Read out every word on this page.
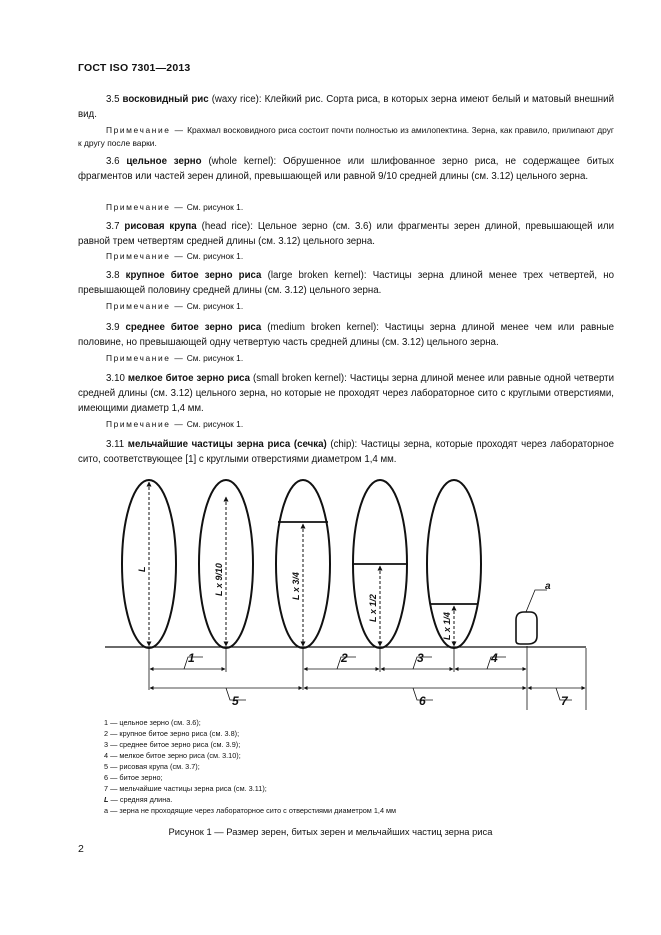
ГОСТ ISO 7301—2013
3.5 восковидный рис (waxy rice): Клейкий рис. Сорта риса, в которых зерна имеют белый и матовый внешний вид.
Примечание — Крахмал восковидного риса состоит почти полностью из амилопектина. Зерна, как правило, прилипают друг к другу после варки.
3.6 цельное зерно (whole kernel): Обрушенное или шлифованное зерно риса, не содержащее битых фрагментов или частей зерен длиной, превышающей или равной 9/10 средней длины (см. 3.12) цельного зерна.
Примечание — См. рисунок 1.
3.7 рисовая крупа (head rice): Цельное зерно (см. 3.6) или фрагменты зерен длиной, превышающей или равной трем четвертям средней длины (см. 3.12) цельного зерна.
Примечание — См. рисунок 1.
3.8 крупное битое зерно риса (large broken kernel): Частицы зерна длиной менее трех четвертей, но превышающей половину средней длины (см. 3.12) цельного зерна.
Примечание — См. рисунок 1.
3.9 среднее битое зерно риса (medium broken kernel): Частицы зерна длиной менее чем или равные половине, но превышающей одну четвертую часть средней длины (см. 3.12) цельного зерна.
Примечание — См. рисунок 1.
3.10 мелкое битое зерно риса (small broken kernel): Частицы зерна длиной менее или равные одной четверти средней длины (см. 3.12) цельного зерна, но которые не проходят через лабораторное сито с круглыми отверстиями, имеющими диаметр 1,4 мм.
Примечание — См. рисунок 1.
3.11 мельчайшие частицы зерна риса (сечка) (chip): Частицы зерна, которые проходят через лабораторное сито, соответствующее [1] с круглыми отверстиями диаметром 1,4 мм.
1	2	3	4
5	6	7
a
L	L x 9/10	L x 3/4
L x 1/2
L x 1/4
1 — цельное зерно (см. 3.6);
2 — крупное битое зерно риса (см. 3.8);
3 — среднее битое зерно риса (см. 3.9);
4 — мелкое битое зерно риса (см. 3.10);
5 — рисовая крупа (см. 3.7);
6 — битое зерно;
7 — мельчайшие частицы зерна риса (см. 3.11);
L — средняя длина.
a — зерна не проходящие через лабораторное сито с отверстиями диаметром 1,4 мм
Рисунок 1 — Размер зерен, битых зерен и мельчайших частиц зерна риса
2
